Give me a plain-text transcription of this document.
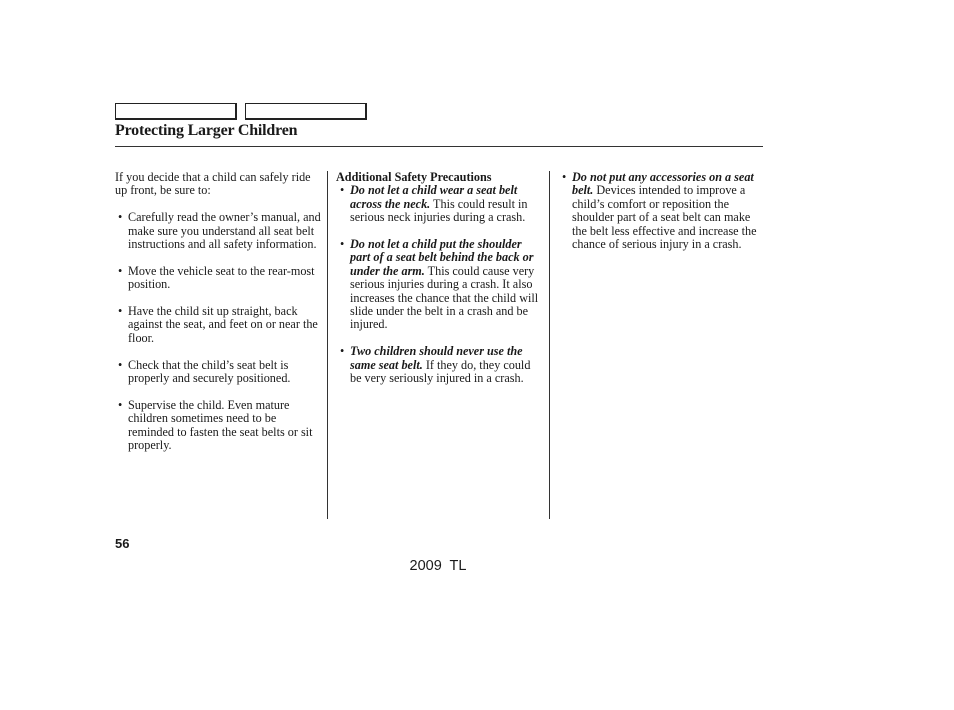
Protecting Larger Children

If you decide that a child can safely ride up front, be sure to:

• Carefully read the owner’s manual, and make sure you understand all seat belt instructions and all safety information.
• Move the vehicle seat to the rear-most position.
• Have the child sit up straight, back against the seat, and feet on or near the floor.
• Check that the child’s seat belt is properly and securely positioned.
• Supervise the child. Even mature children sometimes need to be reminded to fasten the seat belts or sit properly.

Additional Safety Precautions

• Do not let a child wear a seat belt across the neck. This could result in serious neck injuries during a crash.
• Do not let a child put the shoulder part of a seat belt behind the back or under the arm. This could cause very serious injuries during a crash. It also increases the chance that the child will slide under the belt in a crash and be injured.
• Two children should never use the same seat belt. If they do, they could be very seriously injured in a crash.
• Do not put any accessories on a seat belt. Devices intended to improve a child’s comfort or reposition the shoulder part of a seat belt can make the belt less effective and increase the chance of serious injury in a crash.
56
2009 TL
